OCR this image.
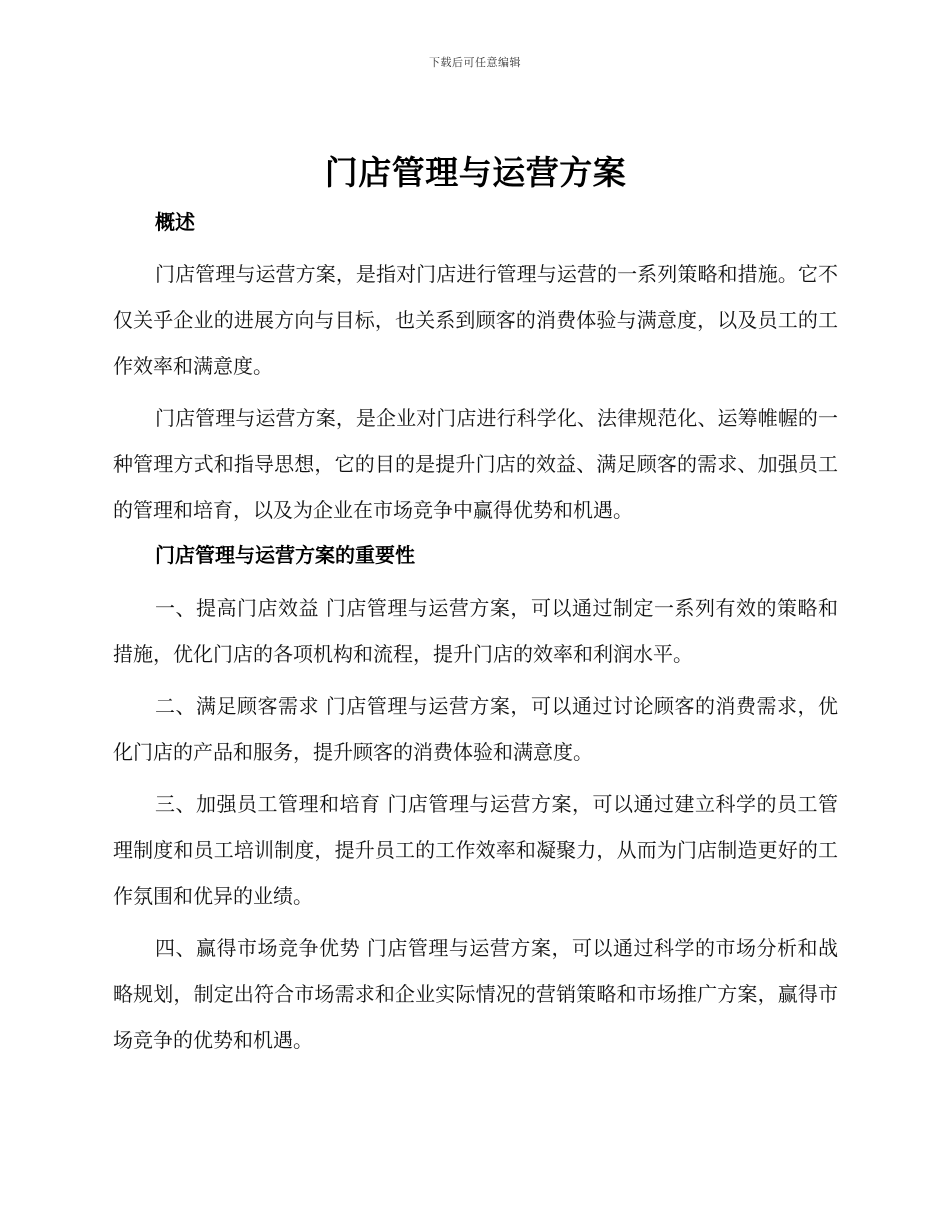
下载后可任意编辑
门店管理与运营方案
概述

门店管理与运营方案，是指对门店进行管理与运营的一系列策略和措施。它不仅关乎企业的进展方向与目标，也关系到顾客的消费体验与满意度，以及员工的工作效率和满意度。

门店管理与运营方案，是企业对门店进行科学化、法律规范化、运筹帷幄的一种管理方式和指导思想，它的目的是提升门店的效益、满足顾客的需求、加强员工的管理和培育，以及为企业在市场竞争中赢得优势和机遇。

门店管理与运营方案的重要性

一、提高门店效益 门店管理与运营方案，可以通过制定一系列有效的策略和措施，优化门店的各项机构和流程，提升门店的效率和利润水平。

二、满足顾客需求 门店管理与运营方案，可以通过讨论顾客的消费需求，优化门店的产品和服务，提升顾客的消费体验和满意度。

三、加强员工管理和培育 门店管理与运营方案，可以通过建立科学的员工管理制度和员工培训制度，提升员工的工作效率和凝聚力，从而为门店制造更好的工作氛围和优异的业绩。

四、赢得市场竞争优势 门店管理与运营方案，可以通过科学的市场分析和战略规划，制定出符合市场需求和企业实际情况的营销策略和市场推广方案，赢得市场竞争的优势和机遇。
